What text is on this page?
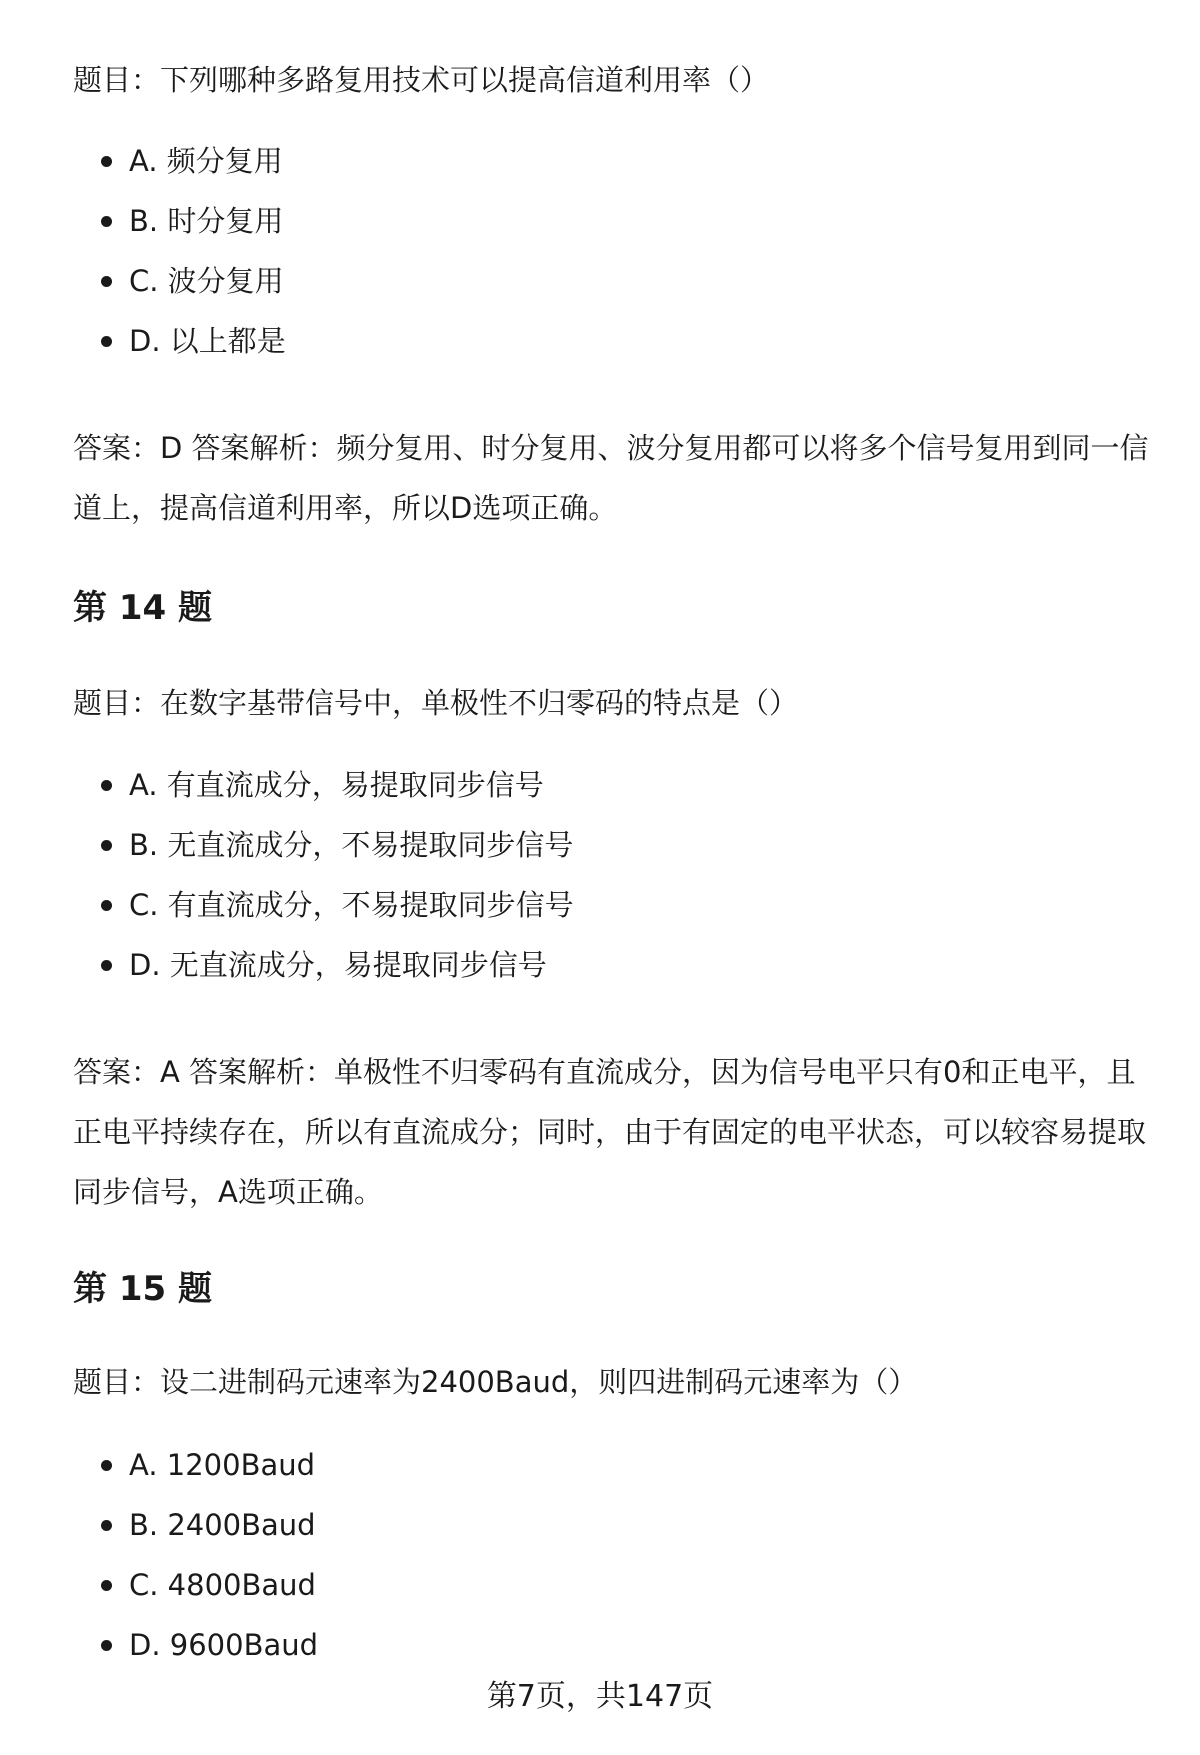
题目：下列哪种多路复用技术可以提高信道利用率（）

A. 频分复用
B. 时分复用
C. 波分复用
D. 以上都是

答案：D 答案解析：频分复用、时分复用、波分复用都可以将多个信号复用到同一信道上，提高信道利用率，所以D选项正确。

第 14 题

题目：在数字基带信号中，单极性不归零码的特点是（）

A. 有直流成分，易提取同步信号
B. 无直流成分，不易提取同步信号
C. 有直流成分，不易提取同步信号
D. 无直流成分，易提取同步信号

答案：A 答案解析：单极性不归零码有直流成分，因为信号电平只有0和正电平，且正电平持续存在，所以有直流成分；同时，由于有固定的电平状态，可以较容易提取同步信号，A选项正确。

第 15 题

题目：设二进制码元速率为2400Baud，则四进制码元速率为（）

A. 1200Baud
B. 2400Baud
C. 4800Baud
D. 9600Baud
第7页，共147页
